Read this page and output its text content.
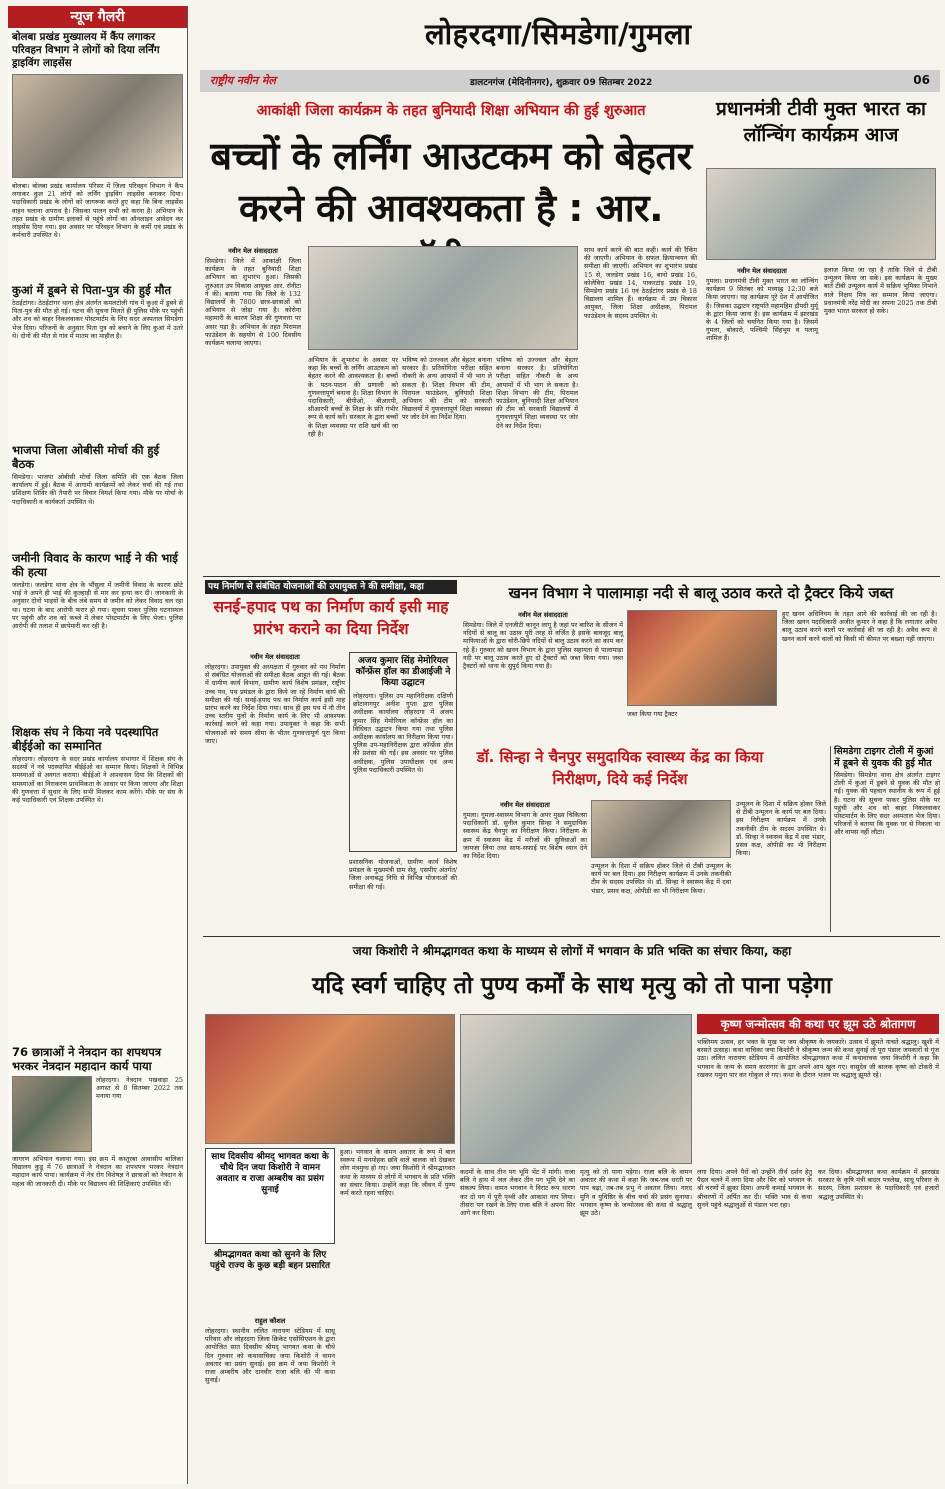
लोहरदगा/सिमडेगा/गुमला
राष्ट्रीय नवीन मेल	डालटनगंज (मेदिनीनगर), शुक्रवार 09 सितम्बर 2022	06
न्यूज गैलरी
बोलबा प्रखंड मुख्यालय में कैंप लगाकर परिवहन विभाग ने लोगों को दिया लर्निंग ड्राइविंग लाइसेंस
बोलबा। बोलबा प्रखंड कार्यालय परिसर में जिला परिवहन विभाग ने कैंप लगाकर कुल 21 लोगों को लर्निंग ड्राइविंग लाइसेंस बनाकर दिया। पदाधिकारी प्रखंड के लोगों को जागरूक करते हुए कहा कि बिना लाइसेंस वाहन चलाना अपराध है। जिसका पालन सभी को करना है। अभियान के तहत प्रखंड के ग्रामीण इलाकों से पहुंचे लोगों का ऑनलाइन आवेदन कर लाइसेंस दिया गया। इस अवसर पर परिवहन विभाग के कर्मी एवं प्रखंड के कर्मचारी उपस्थित थे।
कुआं में डूबने से पिता-पुत्र की हुई मौत
ठेठईटांगर। ठेठईटांगर थाना क्षेत्र अंतर्गत कमलटोली गांव में कुआं में डूबने से पिता-पुत्र की मौत हो गई। घटना की सूचना मिलते ही पुलिस मौके पर पहुंची और शव को बाहर निकलवाकर पोस्टमार्टम के लिए सदर अस्पताल सिमडेगा भेज दिया। परिजनों के अनुसार पिता पुत्र को बचाने के लिए कुआं में उतरे थे। दोनों की मौत से गांव में मातम का माहौल है।
भाजपा जिला ओबीसी मोर्चा की हुई बैठक
सिमडेगा। भाजपा ओबीसी मोर्चा जिला समिति की एक बैठक जिला कार्यालय में हुई। बैठक में आगामी कार्यक्रमों को लेकर चर्चा की गई तथा प्रशिक्षण शिविर की तैयारी पर विचार विमर्श किया गया। मौके पर मोर्चा के पदाधिकारी व कार्यकर्ता उपस्थित थे।
जमीनी विवाद के कारण भाई ने की भाई की हत्या
जलडेगा। जलडेगा थाना क्षेत्र के भौंसुला में जमीनी विवाद के कारण छोटे भाई ने अपने ही भाई की कुल्हाड़ी से मार कर हत्या कर दी। जानकारी के अनुसार दोनों भाइयों के बीच लंबे समय से जमीन को लेकर विवाद चल रहा था। घटना के बाद आरोपी फरार हो गया। सूचना पाकर पुलिस घटनास्थल पर पहुंची और शव को कब्जे में लेकर पोस्टमार्टम के लिए भेजा। पुलिस आरोपी की तलाश में छापेमारी कर रही है।
शिक्षक संघ ने किया नवे पदस्थापित बीईईओ का सम्मानित
लोहरदगा। लोहरदगा के सदर प्रखंड कार्यालय सभागार में शिक्षक संघ के सदस्यों ने नवे पदस्थापित बीईईओ का सम्मान किया। शिक्षकों ने विभिन्न समस्याओं से अवगत कराया। बीईईओ ने आश्वासन दिया कि शिक्षकों की समस्याओं का निराकरण प्राथमिकता के आधार पर किया जाएगा और शिक्षा की गुणवत्ता में सुधार के लिए सभी मिलकर काम करेंगे। मौके पर संघ के कई पदाधिकारी एवं शिक्षक उपस्थित थे।
76 छात्राओं ने नेत्रदान का शपथपत्र भरकर नेत्रदान महादान कार्य पाया
लोहरदगा। नेत्रदान पखवाड़ा 25 अगस्त से 8 सितम्बर 2022 तक मनाया गया
जागरण अभियान चलाया गया। इस क्रम में कस्तूरबा आवासीय बालिका विद्यालय कुडू में 76 छात्राओं ने नेत्रदान का शपथपत्र भरकर नेत्रदान महादान कार्य पाया। कार्यक्रम में नेत्र रोग विशेषज्ञ ने छात्राओं को नेत्रदान के महत्व की जानकारी दी। मौके पर विद्यालय की शिक्षिकाएं उपस्थित थीं।
आकांक्षी जिला कार्यक्रम के तहत बुनियादी शिक्षा अभियान की हुई शुरुआत
बच्चों के लर्निंग आउटकम को बेहतर करने की आवश्यकता है : आर.
नवीन मेल संवाददाता
सिमडेगा। जिले में आकांक्षी जिला कार्यक्रम के तहत बुनियादी शिक्षा अभियान का शुभारंभ हुआ। जिसकी शुरुआत उप विकास आयुक्त आर. रॉनीटा ने की। बताया गया कि जिले के 132 विद्यालयों के 7800 छात्र-छात्राओं को अभियान से जोड़ा गया है। कोरोना महामारी के कारण शिक्षा की गुणवत्ता पर असर पड़ा है। अभियान के तहत पिरामल फाउंडेशन के सहयोग से 100 दिवसीय कार्यक्रम चलाया जाएगा।
अभियान के शुभारंभ के अवसर पर कहा कि बच्चों के लर्निंग आउटकम को बेहतर करने की आवश्यकता है। बच्चों के पठन-पाठन की प्रणाली को गुणवत्तापूर्ण बनाना है। शिक्षा विभाग के पदाधिकारी, बीपीओ, बीआरपी, सीआरपी बच्चों के शिक्षा के प्रति गंभीर रूप से कार्य करें। सरकार के द्वारा बच्चों के शिक्षा व्यवस्था पर राशि खर्च की जा रही है।
भविष्य को उज्ज्वल और बेहतर बनाना सरकार है। प्रतियोगिता परीक्षा सहित नौकरी के अन्य आयामों में भी भाग ले सकता है। शिक्षा विभाग की टीम, पिरामल फाउंडेशन, बुनियादी शिक्षा अभियान की टीम को सरकारी विद्यालयों में गुणवत्तापूर्ण शिक्षा व्यवस्था पर जोर देने का निर्देश दिया।
भविष्य को उज्ज्वल और बेहतर बनाना सरकार है। प्रतियोगिता परीक्षा सहित नौकरी के अन्य आयामों में भी भाग ले सकता है। शिक्षा विभाग की टीम, पिरामल फाउंडेशन, बुनियादी शिक्षा अभियान की टीम को सरकारी विद्यालयों में गुणवत्तापूर्ण शिक्षा व्यवस्था पर जोर देने का निर्देश दिया।
साथ कार्य करने की बात कही। कार्य की रैंकिंग की जाएगी। अभियान के सफल क्रियान्वयन की समीक्षा की जाएगी। अभियान का शुभारंभ प्रखंड 15 से, जलडेगा प्रखंड 16, बानो प्रखंड 16, कोलेबिरा प्रखंड 14, पाकरटांड़ प्रखंड 19, सिमडेगा प्रखंड 16 एवं ठेठईटांगर प्रखंड से 18 विद्यालय शामिल हैं। कार्यक्रम में उप विकास आयुक्त, जिला शिक्षा अधीक्षक, पिरामल फाउंडेशन के सदस्य उपस्थित थे।
प्रधानमंत्री टीवी मुक्त भारत का लॉन्चिंग कार्यक्रम आज
नवीन मेल संवाददाता
गुमला। प्रधानमंत्री टीवी मुक्त भारत का लॉन्चिंग कार्यक्रम 9 सितंबर को मध्याह्न 12:30 बजे किया जाएगा। यह कार्यक्रम पूरे देश में आयोजित है। जिसका उद्घाटन राष्ट्रपति महामहिम द्रौपदी मुर्मू के द्वारा किया जाना है। इस कार्यक्रम में झारखंड के 4 जिलों को चयनित किया गया है। जिसमें गुमला, बोकारो, पश्चिमी सिंहभूम व पलामू शामिल हैं।
इलाज किया जा रहा है ताकि जिले से टीबी उन्मूलन किया जा सके। इस कार्यक्रम के मुख्य बातें टीबी उन्मूलन कार्य में सक्रिय भूमिका निभाने वाले निक्षय मित्र का सम्मान किया जाएगा। प्रधानमंत्री नरेंद्र मोदी का सपना 2025 तक टीबी मुक्त भारत सरकार हो सके।
पथ निर्माण से संबंधित योजनाओं की उपायुक्त ने की समीक्षा, कहा
सनई-हपाद पथ का निर्माण कार्य इसी माह प्रारंभ कराने का दिया निर्देश
नवीन मेल संवाददाता
लोहरदगा। उपायुक्त की अध्यक्षता में गुरुवार को पथ निर्माण से संबंधित योजनाओं की समीक्षा बैठक आहूत की गई। बैठक में ग्रामीण कार्य विभाग, ग्रामीण कार्य विशेष प्रमंडल, राष्ट्रीय उच्च पथ, पथ प्रमंडल के द्वारा किये जा रहे निर्माण कार्य की समीक्षा की गई। सनई-हपाद पथ का निर्माण कार्य इसी माह प्रारंभ करने का निर्देश दिया गया। साथ ही इस पथ में नौ तीन उच्च स्तरीय पुलों के निर्माण कार्य के लिए भी आवश्यक कार्रवाई करने को कहा गया। उपायुक्त ने कहा कि सभी योजनाओं को समय सीमा के भीतर गुणवत्तापूर्ण पूरा किया जाए।
अजय कुमार सिंह मेमोरियल कॉन्फ्रेंस हॉल का डीआईजी ने किया उद्घाटन
लोहरदगा। पुलिस उप महानिरीक्षक दक्षिणी छोटानागपुर अनीश गुप्ता द्वारा पुलिस अधीक्षक कार्यालय लोहरदगा में अजय कुमार सिंह मेमोरियल कॉन्फ्रेंस हॉल का विधिवत उद्घाटन किया गया तथा पुलिस अधीक्षक कार्यालय का निरीक्षण किया गया। पुलिस उप-महानिरीक्षक द्वारा कॉन्फ्रेंस हॉल की प्रशंसा की गई। इस अवसर पर पुलिस अधीक्षक, पुलिस उपाधीक्षक एवं अन्य पुलिस पदाधिकारी उपस्थित थे।
प्रशासनिक योजनाओं, ग्रामीण कार्य विशेष प्रमंडल के मुख्यमंत्री ग्राम सेतु, एसपीए अंतर्गत/जिला अनाबद्ध निधि से विभिन्न योजनाओं की समीक्षा की गई।
खनन विभाग ने पालामाड़ा नदी से बालू उठाव करते दो ट्रैक्टर किये जब्त
नवीन मेल संवाददाता
सिमडेगा। जिले में एनजीटी कानून लागू है जहां पर बारिश के सीजन में नदियों से बालू का उठाव पूरी तरह से वर्जित है इसके बावजूद बालू माफियाओं के द्वारा चोरी-छिपे नदियों से बालू उठाव करने का काम कर रहे हैं। गुरुवार को खनन विभाग के द्वारा पुलिस सहायता से पालामाड़ा नदी पर बालू उठाव करते हुए दो ट्रैक्टरों को जब्त किया गया। जब्त ट्रैक्टरों को थाना के सुपुर्द किया गया है।
जब्त किया गया ट्रैक्टर
हुए खनन अधिनियम के तहत आगे की कार्रवाई की जा रही है। जिला खनन पदाधिकारी अजीत कुमार ने कहा है कि लगातार अवैध बालू उठाव करने वालों पर कार्रवाई की जा रही है। अवैध रूप से खनन कार्य करने वालों को किसी भी कीमत पर बख्शा नहीं जाएगा।
डॉ. सिन्हा ने चैनपुर समुदायिक स्वास्थ्य केंद्र का किया निरीक्षण, दिये कई निर्देश
नवीन मेल संवाददाता
गुमला। गुमला-स्वास्थ्य विभाग के अपर मुख्य चिकित्सा पदाधिकारी डॉ. सुनील कुमार सिन्हा ने समुदायिक स्वास्थ्य केंद्र चैनपुर का निरीक्षण किया। निरीक्षण के क्रम में स्वास्थ्य केंद्र में मरीजों की सुविधाओं का जायजा लिया तथा साफ-सफाई पर विशेष ध्यान देने का निर्देश दिया।
उन्मूलन के दिशा में सक्रिय होकर जिले से टीबी उन्मूलन के कार्य पर बल दिया। इस निरीक्षण कार्यक्रम में उनके तकनीकी टीम के सदस्य उपस्थित थे। डॉ. सिन्हा ने स्वास्थ्य केंद्र में दवा भंडार, प्रसव कक्ष, ओपीडी का भी निरीक्षण किया।
उन्मूलन के दिशा में सक्रिय होकर जिले से टीबी उन्मूलन के कार्य पर बल दिया। इस निरीक्षण कार्यक्रम में उनके तकनीकी टीम के सदस्य उपस्थित थे। डॉ. सिन्हा ने स्वास्थ्य केंद्र में दवा भंडार, प्रसव कक्ष, ओपीडी का भी निरीक्षण किया।
सिमडेगा टाइगर टोली में कुआं में डूबने से युवक की हुई मौत
सिमडेगा। सिमडेगा थाना क्षेत्र अंतर्गत टाइगर टोली में कुआं में डूबने से युवक की मौत हो गई। युवक की पहचान स्थानीय के रूप में हुई है। घटना की सूचना पाकर पुलिस मौके पर पहुंची और शव को बाहर निकलवाकर पोस्टमार्टम के लिए सदर अस्पताल भेज दिया। परिजनों ने बताया कि युवक घर से निकला था और वापस नहीं लौटा।
जया किशोरी ने श्रीमद्भागवत कथा के माध्यम से लोगों में भगवान के प्रति भक्ति का संचार किया, कहा
यदि स्वर्ग चाहिए तो पुण्य कर्मों के साथ मृत्यु को तो पाना पड़ेगा
कृष्ण जन्मोत्सव की कथा पर झूम उठे श्रोतागण
भक्तिमय उत्सव, हर भक्त के मुख पर जय श्रीकृष्ण के जयकारे। उत्सव में झूमते नाचते श्रद्धालु। खुशी में बरसते उत्साह। कथा वाचिका जया किशोरी ने श्रीकृष्ण जन्म की कथा सुनाई तो पूरा पंडाल जयकारों से गूंज उठा। ललित नारायण स्टेडियम में आयोजित श्रीमद्भागवत कथा में कथावाचक जया किशोरी ने कहा कि भगवान के जन्म के समय कारागार के द्वार अपने आप खुल गए। वासुदेव जी बालक कृष्ण को टोकरी में रखकर यमुना पार कर गोकुल ले गए। कथा के दौरान भजन पर श्रद्धालु झूमते रहे।
साथ दिवसीय श्रीमद् भागवत कथा के चौथे दिन जया किशोरी ने वामन अवतार व राजा अम्बरीष का प्रसंग सुनाई
श्रीमद्भागवत कथा को सुनने के लिए पहुंचे राज्य के कुछ बड़ी बहन प्रसारित
राहुल कौशल
लोहरदगा। स्थानीय ललित नारायण स्टेडियम में साधू परिवार और लोहरदगा जिला क्रिकेट एसोसिएशन के द्वारा आयोजित सात दिवसीय श्रीमद् भागवत कथा के चौथे दिन गुरुवार को कथावाचिका जया किशोरी ने वामन अवतार का प्रसंग सुनाई। इस क्रम में जया किशोरी ने राजा अम्बरीष और दानवीर राजा बलि की भी कथा सुनाई।
हुआ। भगवान के वामन अवतार के रूप में बाल स्वरूप में मनमोहक छवि वाले बालक को देखकर लोग मंत्रमुग्ध हो गए। जया किशोरी ने श्रीमद्भागवत कथा के माध्यम से लोगों में भगवान के प्रति भक्ति का संचार किया। उन्होंने कहा कि जीवन में पुण्य कर्म करते रहना चाहिए।
कदमों के साथ तीन पग भूमि भेंट में मांगी। राजा बलि ने हाथ में जल लेकर तीन पग भूमि देने का संकल्प लिया। वामन भगवान ने विराट रूप धारण कर दो पग में पूरी पृथ्वी और आकाश नाप लिया। तीसरा पग रखने के लिए राजा बलि ने अपना सिर आगे कर दिया।
मृत्यु को तो पाना पड़ेगा। राजा बलि के वामन अवतार की कथा में कहा कि जब-जब धरती पर पाप बढ़ा, तब-तब प्रभु ने अवतार लिया। नारद मुनि व युधिष्ठिर के बीच चर्चा की प्रसंग सुनाया। भगवान कृष्ण के जन्मोत्सव की कथा से श्रद्धालु झूम उठे।
लगा दिया। अपने पैरों को उन्होंने तीर्थ दर्शन हेतु पैदल चलने में लगा दिया और सिर को भगवान के श्री चरणों में झुका दिया। अपनी कमाई भगवान के श्रीचरणों में अर्पित कर दी। भक्ति भाव से कथा सुनने पहुंचे श्रद्धालुओं से पंडाल भरा रहा।
कर दिया। श्रीमद्भागवत कथा कार्यक्रम में झारखंड सरकार के कृषि मंत्री बादल पत्रलेख, साधू परिवार के सदस्य, जिला प्रशासन के पदाधिकारी एवं हजारों श्रद्धालु उपस्थित थे।
